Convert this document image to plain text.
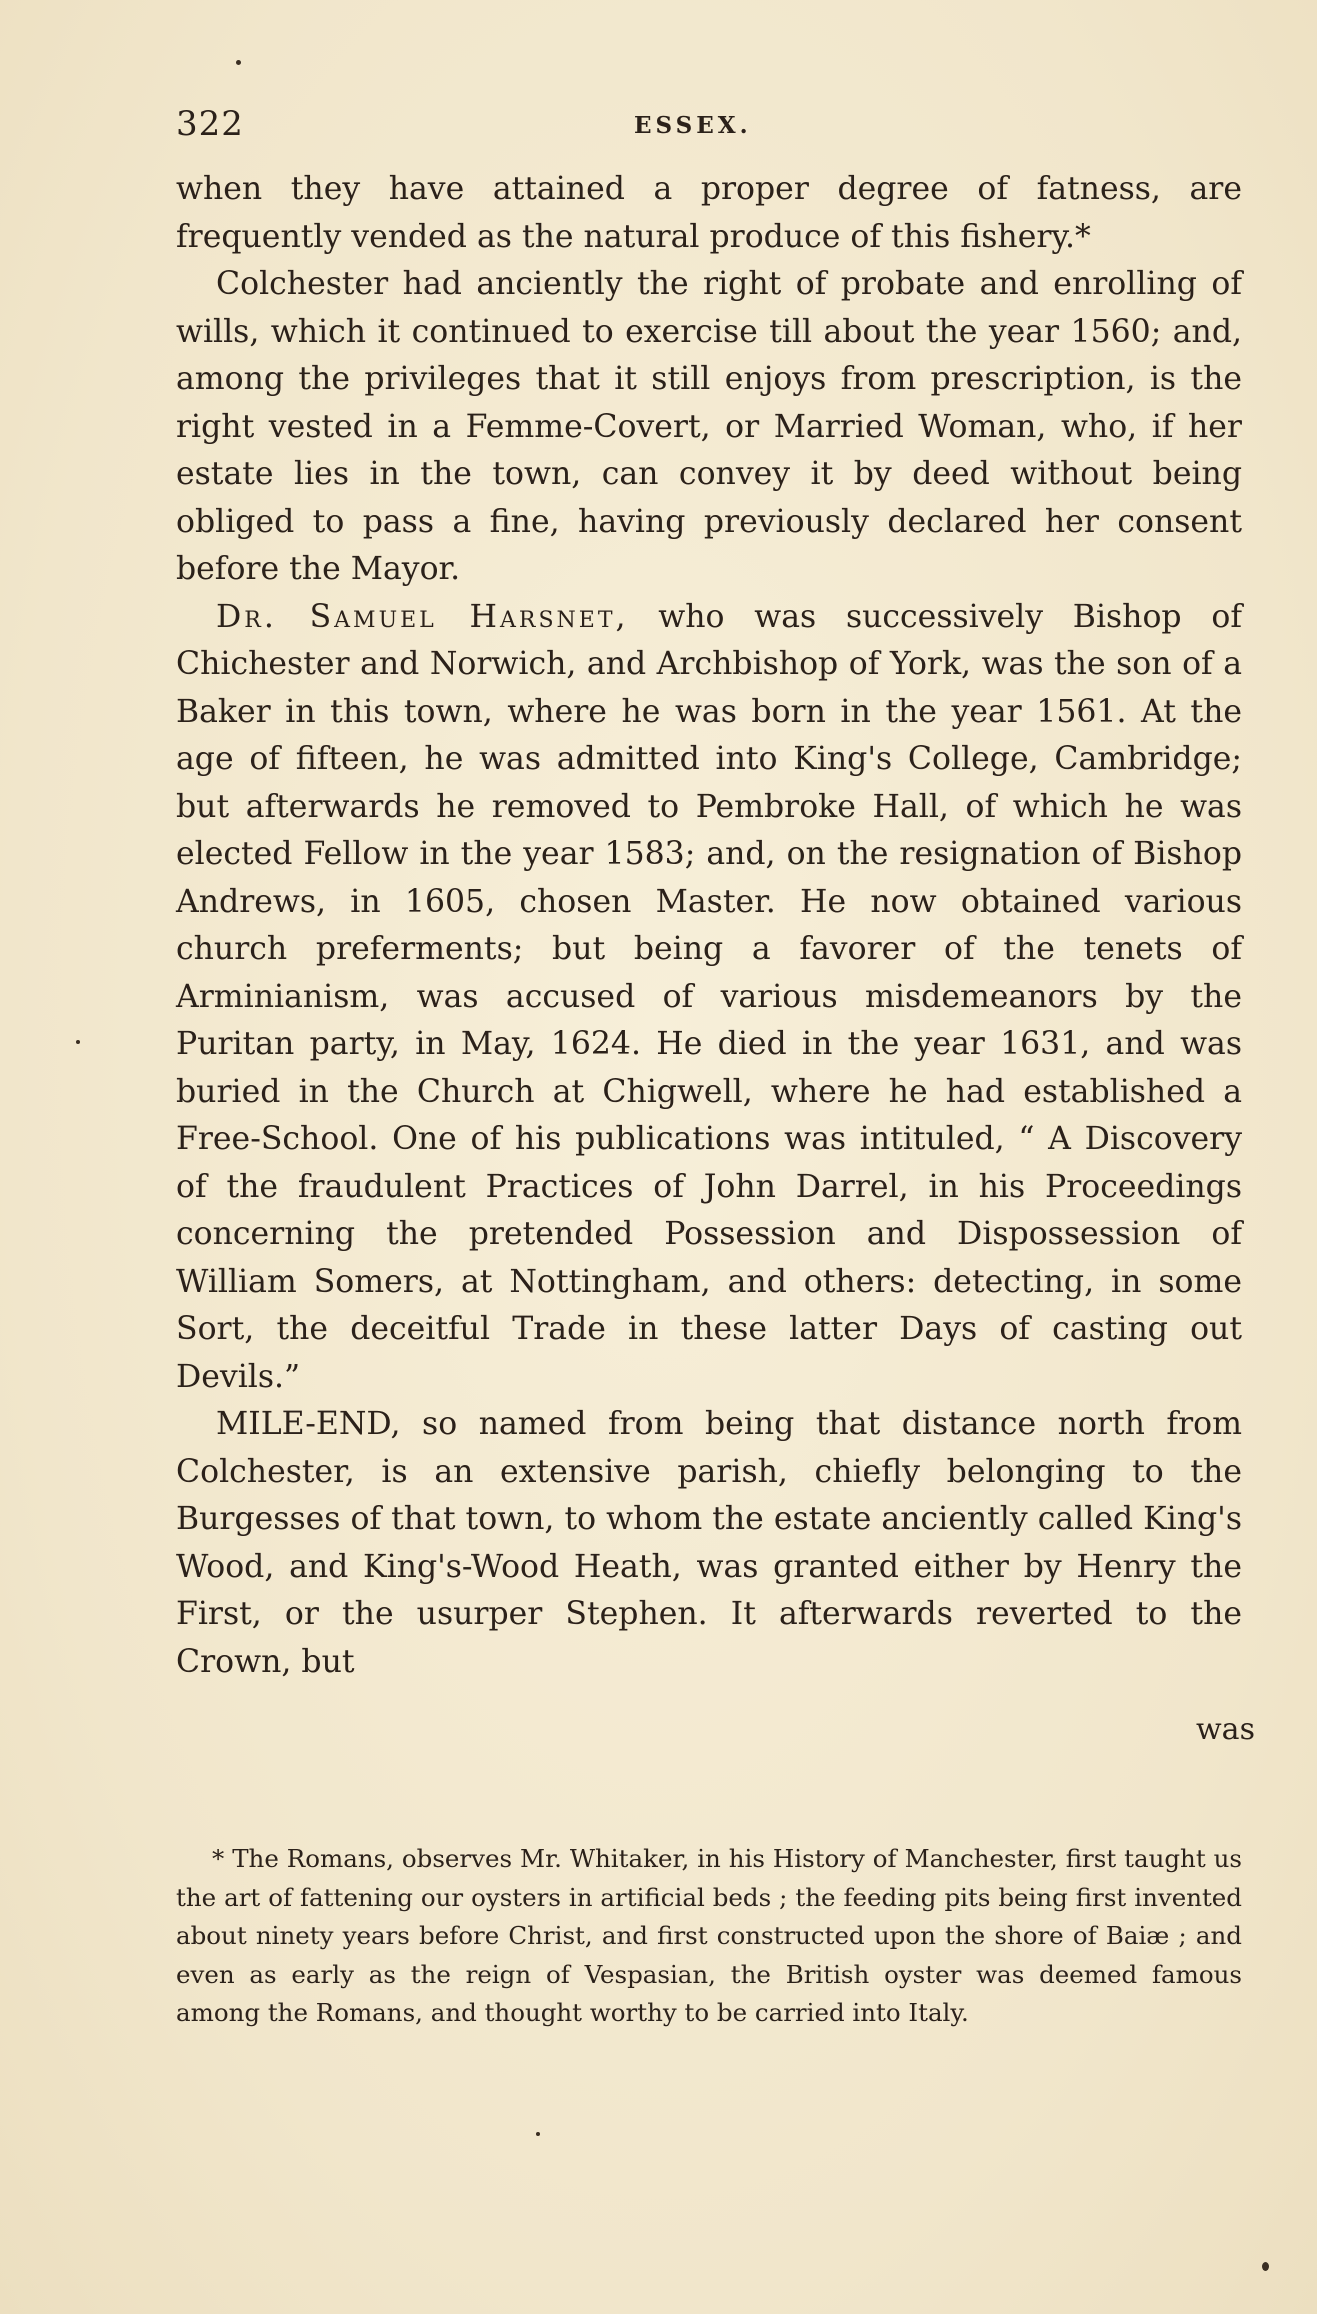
322	ESSEX.

when they have attained a proper degree of fatness, are frequently vended as the natural produce of this fishery.*

Colchester had anciently the right of probate and enrolling of wills, which it continued to exercise till about the year 1560; and, among the privileges that it still enjoys from prescription, is the right vested in a Femme-Covert, or Married Woman, who, if her estate lies in the town, can convey it by deed without being obliged to pass a fine, having previously declared her consent before the Mayor.

Dr. Samuel Harsnet, who was successively Bishop of Chichester and Norwich, and Archbishop of York, was the son of a Baker in this town, where he was born in the year 1561. At the age of fifteen, he was admitted into King's College, Cambridge; but afterwards he removed to Pembroke Hall, of which he was elected Fellow in the year 1583; and, on the resignation of Bishop Andrews, in 1605, chosen Master. He now obtained various church preferments; but being a favorer of the tenets of Arminianism, was accused of various misdemeanors by the Puritan party, in May, 1624. He died in the year 1631, and was buried in the Church at Chigwell, where he had established a Free-School. One of his publications was intituled, “ A Discovery of the fraudulent Practices of John Darrel, in his Proceedings concerning the pretended Possession and Dispossession of William Somers, at Nottingham, and others: detecting, in some Sort, the deceitful Trade in these latter Days of casting out Devils.”

MILE-END, so named from being that distance north from Colchester, is an extensive parish, chiefly belonging to the Burgesses of that town, to whom the estate anciently called King's Wood, and King's-Wood Heath, was granted either by Henry the First, or the usurper Stephen. It afterwards reverted to the Crown, but

was

* The Romans, observes Mr. Whitaker, in his History of Manchester, first taught us the art of fattening our oysters in artificial beds ; the feeding pits being first invented about ninety years before Christ, and first constructed upon the shore of Baiæ ; and even as early as the reign of Vespasian, the British oyster was deemed famous among the Romans, and thought worthy to be carried into Italy.
